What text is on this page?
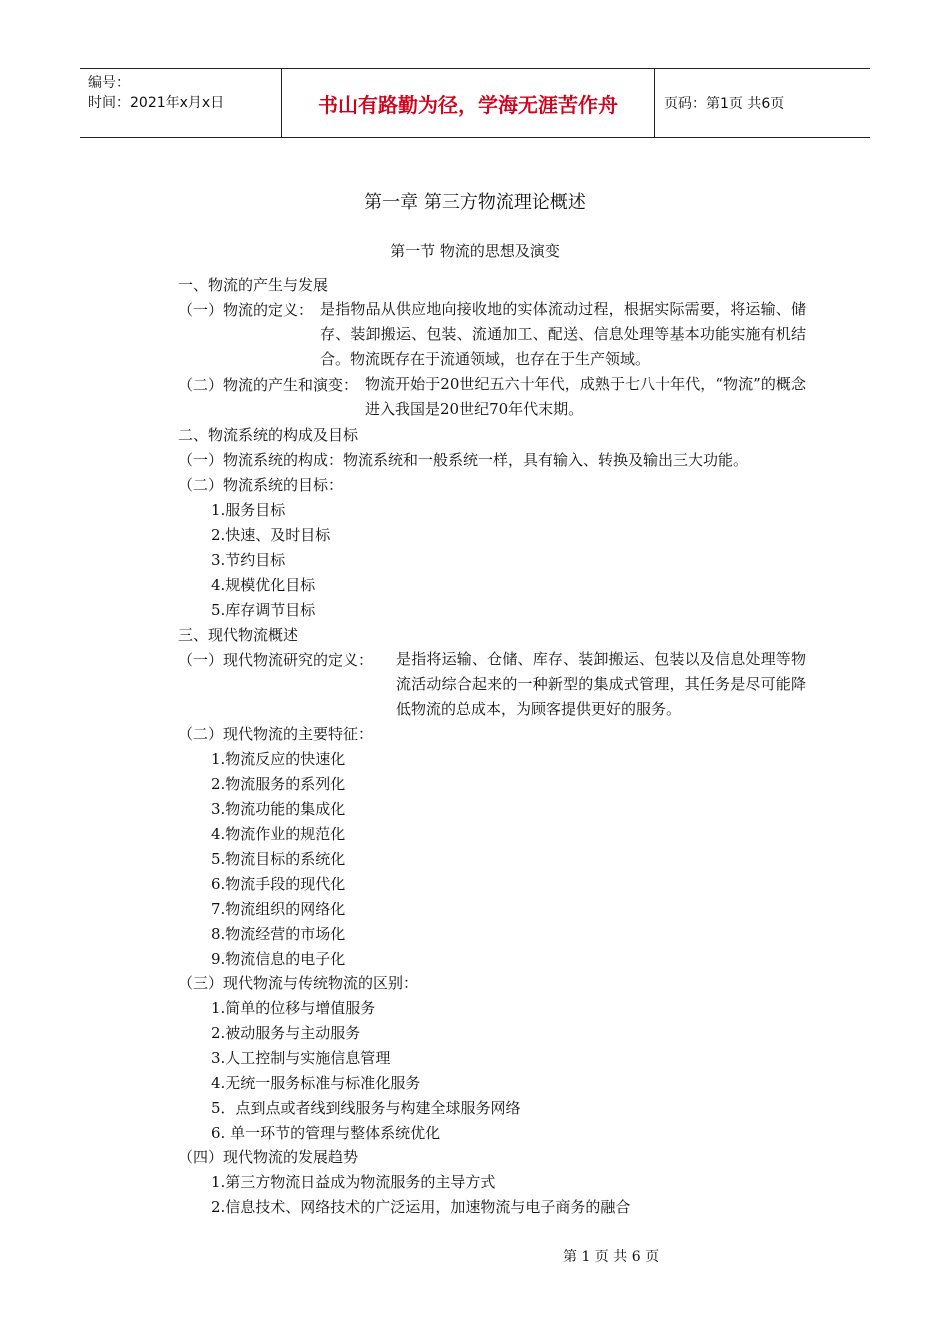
编号：
时间：2021年x月x日	书山有路勤为径，学海无涯苦作舟	页码：第1页 共6页
第一章 第三方物流理论概述
第一节 物流的思想及演变
一、物流的产生与发展
（一）物流的定义： 是指物品从供应地向接收地的实体流动过程，根据实际需要，将运输、储存、装卸搬运、包装、流通加工、配送、信息处理等基本功能实施有机结合。物流既存在于流通领域，也存在于生产领域。
（二）物流的产生和演变： 物流开始于20世纪五六十年代，成熟于七八十年代，“物流”的概念进入我国是20世纪70年代末期。
二、物流系统的构成及目标
（一）物流系统的构成：物流系统和一般系统一样，具有输入、转换及输出三大功能。
（二）物流系统的目标：
1.服务目标
2.快速、及时目标
3.节约目标
4.规模优化目标
5.库存调节目标
三、现代物流概述
（一）现代物流研究的定义： 是指将运输、仓储、库存、装卸搬运、包装以及信息处理等物流活动综合起来的一种新型的集成式管理，其任务是尽可能降低物流的总成本，为顾客提供更好的服务。
（二）现代物流的主要特征：
1.物流反应的快速化
2.物流服务的系列化
3.物流功能的集成化
4.物流作业的规范化
5.物流目标的系统化
6.物流手段的现代化
7.物流组织的网络化
8.物流经营的市场化
9.物流信息的电子化
（三）现代物流与传统物流的区别：
1.简单的位移与增值服务
2.被动服务与主动服务
3.人工控制与实施信息管理
4.无统一服务标准与标准化服务
5．点到点或者线到线服务与构建全球服务网络
6. 单一环节的管理与整体系统优化
（四）现代物流的发展趋势
1.第三方物流日益成为物流服务的主导方式
2.信息技术、网络技术的广泛运用，加速物流与电子商务的融合
第 1 页 共 6 页
